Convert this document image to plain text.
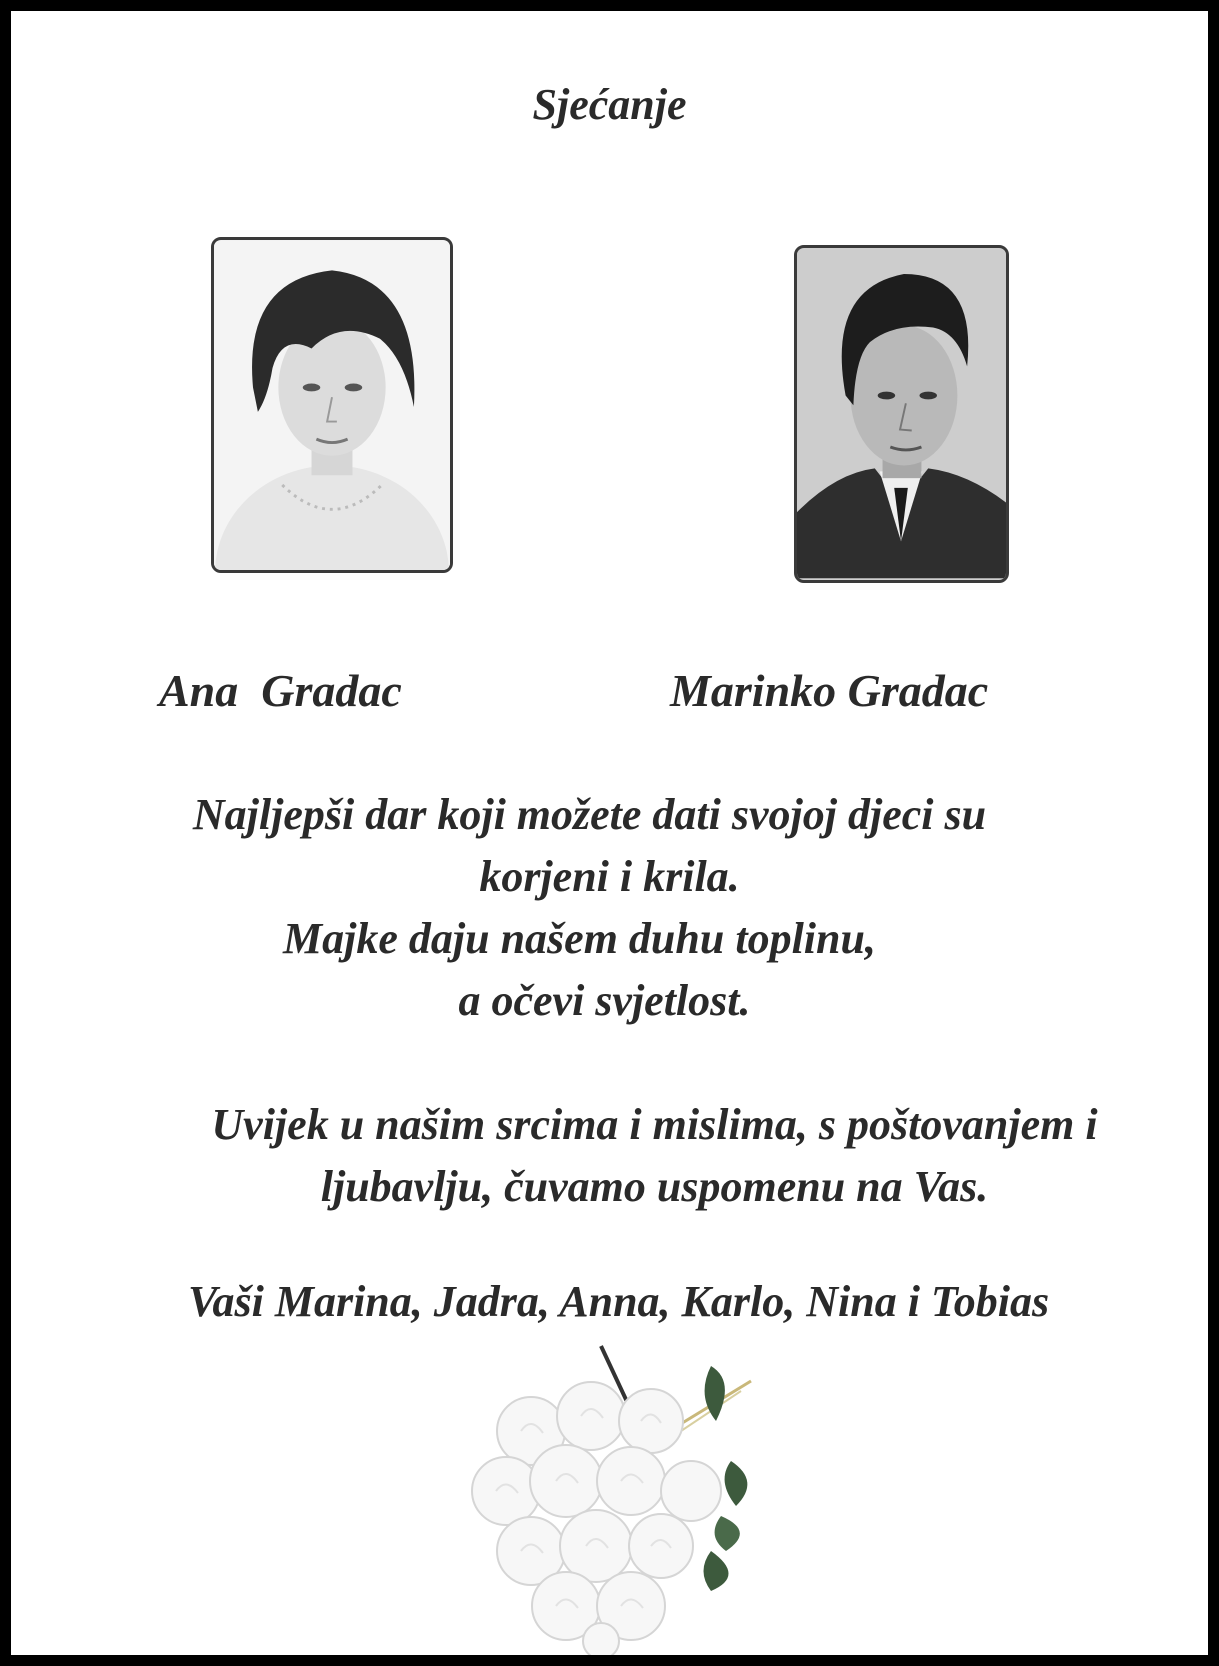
Sjećanje
Ana  Gradac	Marinko Gradac
Najljepši dar koji možete dati svojoj djeci su
korjeni i krila.
Majke daju našem duhu toplinu,
a očevi svjetlost.
Uvijek u našim srcima i mislima, s poštovanjem i
ljubavlju, čuvamo uspomenu na Vas.
Vaši Marina, Jadra, Anna, Karlo, Nina i Tobias
